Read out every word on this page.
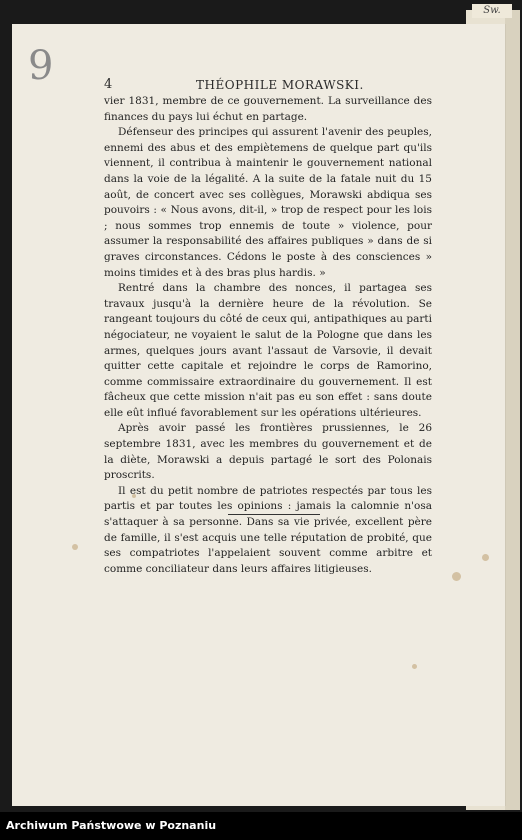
Sw.
9	4	THÉOPHILE MORAWSKI.

vier 1831, membre de ce gouvernement. La surveillance des finances du pays lui échut en partage.

Défenseur des principes qui assurent l'avenir des peuples, ennemi des abus et des empiètemens de quelque part qu'ils viennent, il contribua à maintenir le gouvernement national dans la voie de la légalité. A la suite de la fatale nuit du 15 août, de concert avec ses collègues, Morawski abdiqua ses pouvoirs : « Nous avons, dit-il, » trop de respect pour les lois ; nous sommes trop ennemis de toute » violence, pour assumer la responsabilité des affaires publiques » dans de si graves circonstances. Cédons le poste à des consciences » moins timides et à des bras plus hardis. »

Rentré dans la chambre des nonces, il partagea ses travaux jusqu'à la dernière heure de la révolution. Se rangeant toujours du côté de ceux qui, antipathiques au parti négociateur, ne voyaient le salut de la Pologne que dans les armes, quelques jours avant l'assaut de Varsovie, il devait quitter cette capitale et rejoindre le corps de Ramorino, comme commissaire extraordinaire du gouvernement. Il est fâcheux que cette mission n'ait pas eu son effet : sans doute elle eût influé favorablement sur les opérations ultérieures.

Après avoir passé les frontières prussiennes, le 26 septembre 1831, avec les membres du gouvernement et de la diète, Morawski a depuis partagé le sort des Polonais proscrits.

Il est du petit nombre de patriotes respectés par tous les partis et par toutes les opinions : jamais la calomnie n'osa s'attaquer à sa personne. Dans sa vie privée, excellent père de famille, il s'est acquis une telle réputation de probité, que ses compatriotes l'appelaient souvent comme arbitre et comme conciliateur dans leurs affaires litigieuses.

Archiwum Państwowe w Poznaniu
